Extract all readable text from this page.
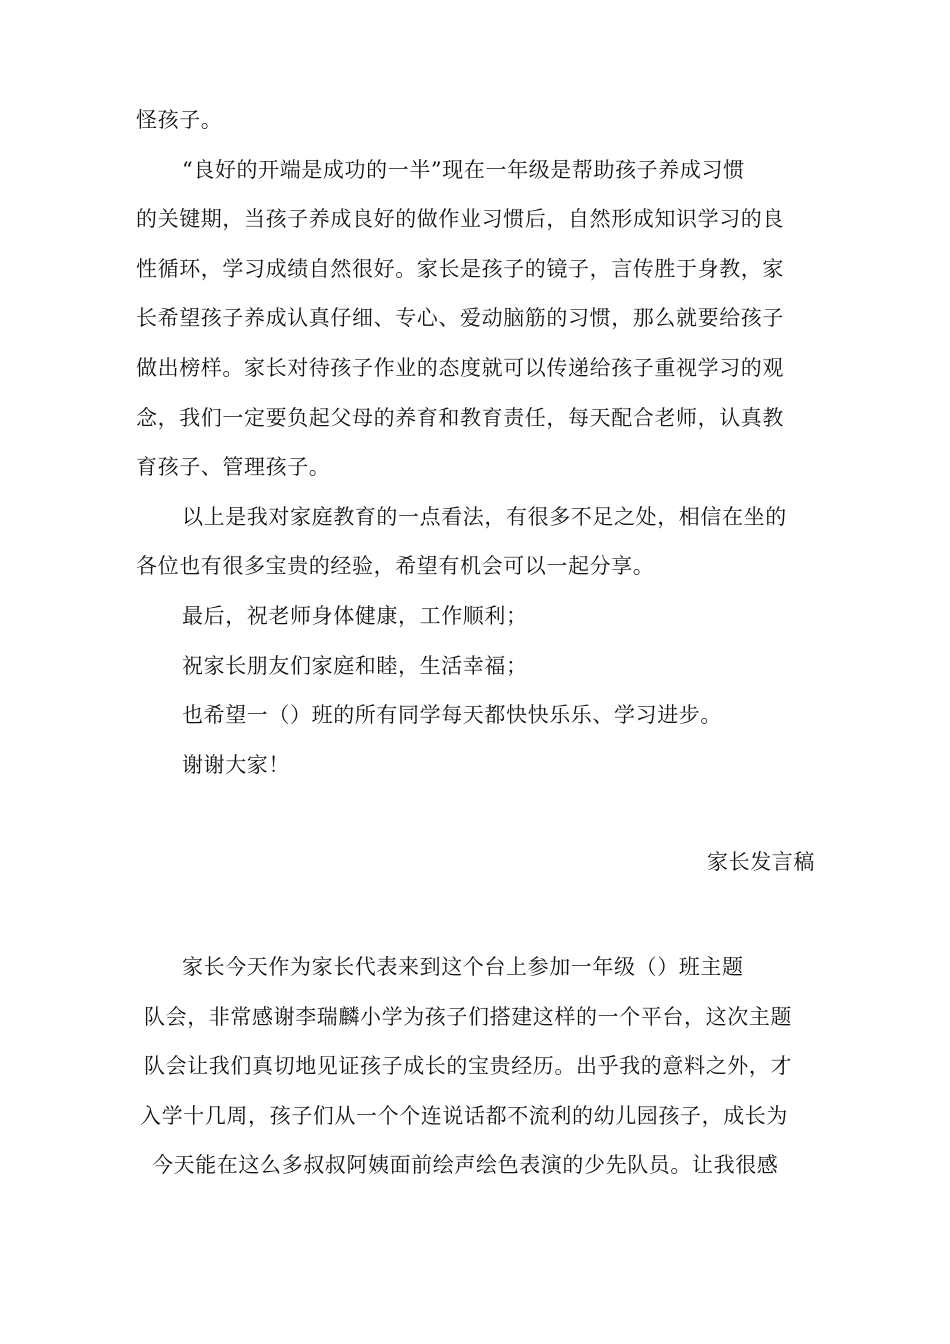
怪孩子。
“良好的开端是成功的一半”现在一年级是帮助孩子养成习惯
的关键期，当孩子养成良好的做作业习惯后，自然形成知识学习的良
性循环，学习成绩自然很好。家长是孩子的镜子，言传胜于身教，家
长希望孩子养成认真仔细、专心、爱动脑筋的习惯，那么就要给孩子
做出榜样。家长对待孩子作业的态度就可以传递给孩子重视学习的观
念，我们一定要负起父母的养育和教育责任，每天配合老师，认真教
育孩子、管理孩子。
以上是我对家庭教育的一点看法，有很多不足之处，相信在坐的
各位也有很多宝贵的经验，希望有机会可以一起分享。
最后，祝老师身体健康，工作顺利；
祝家长朋友们家庭和睦，生活幸福；
也希望一（）班的所有同学每天都快快乐乐、学习进步。
谢谢大家！
家长发言稿
家长今天作为家长代表来到这个台上参加一年级（）班主题
队会，非常感谢李瑞麟小学为孩子们搭建这样的一个平台，这次主题
队会让我们真切地见证孩子成长的宝贵经历。出乎我的意料之外，才
入学十几周，孩子们从一个个连说话都不流利的幼儿园孩子，成长为
今天能在这么多叔叔阿姨面前绘声绘色表演的少先队员。让我很感
